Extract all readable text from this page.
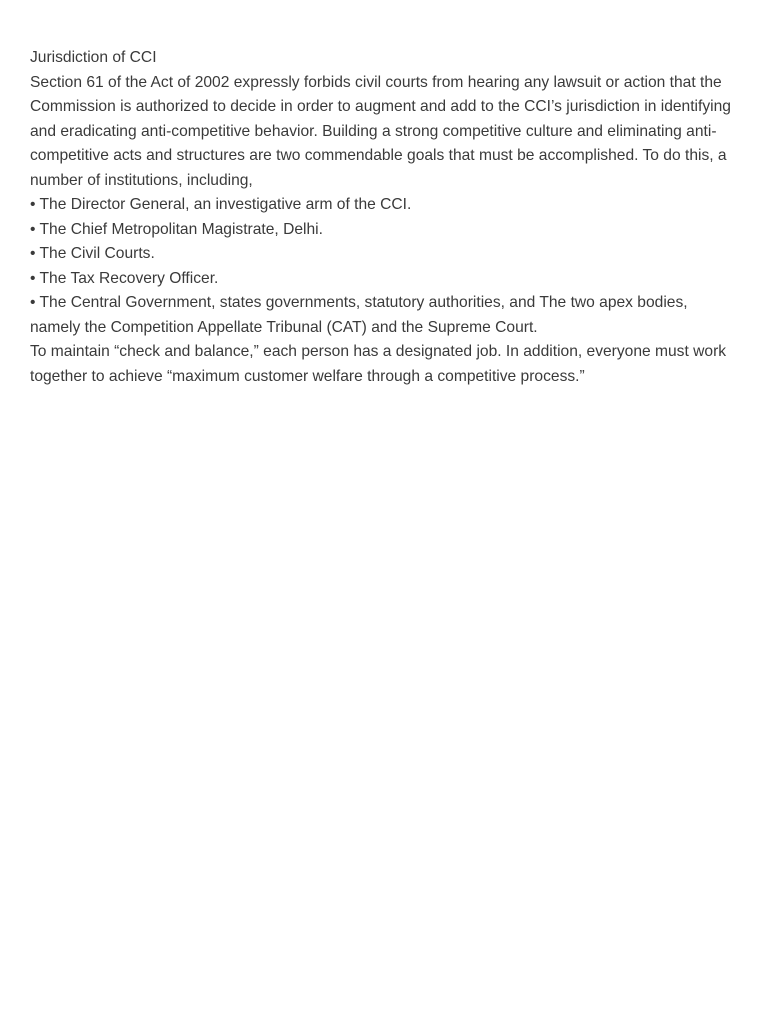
Jurisdiction of CCI

Section 61 of the Act of 2002 expressly forbids civil courts from hearing any lawsuit or action that the Commission is authorized to decide in order to augment and add to the CCI’s jurisdiction in identifying and eradicating anti-competitive behavior. Building a strong competitive culture and eliminating anti-competitive acts and structures are two commendable goals that must be accomplished. To do this, a number of institutions, including,

• The Director General, an investigative arm of the CCI.
• The Chief Metropolitan Magistrate, Delhi.
• The Civil Courts.
• The Tax Recovery Officer.
• The Central Government, states governments, statutory authorities, and The two apex bodies, namely the Competition Appellate Tribunal (CAT) and the Supreme Court.

To maintain “check and balance,” each person has a designated job. In addition, everyone must work together to achieve “maximum customer welfare through a competitive process.”
